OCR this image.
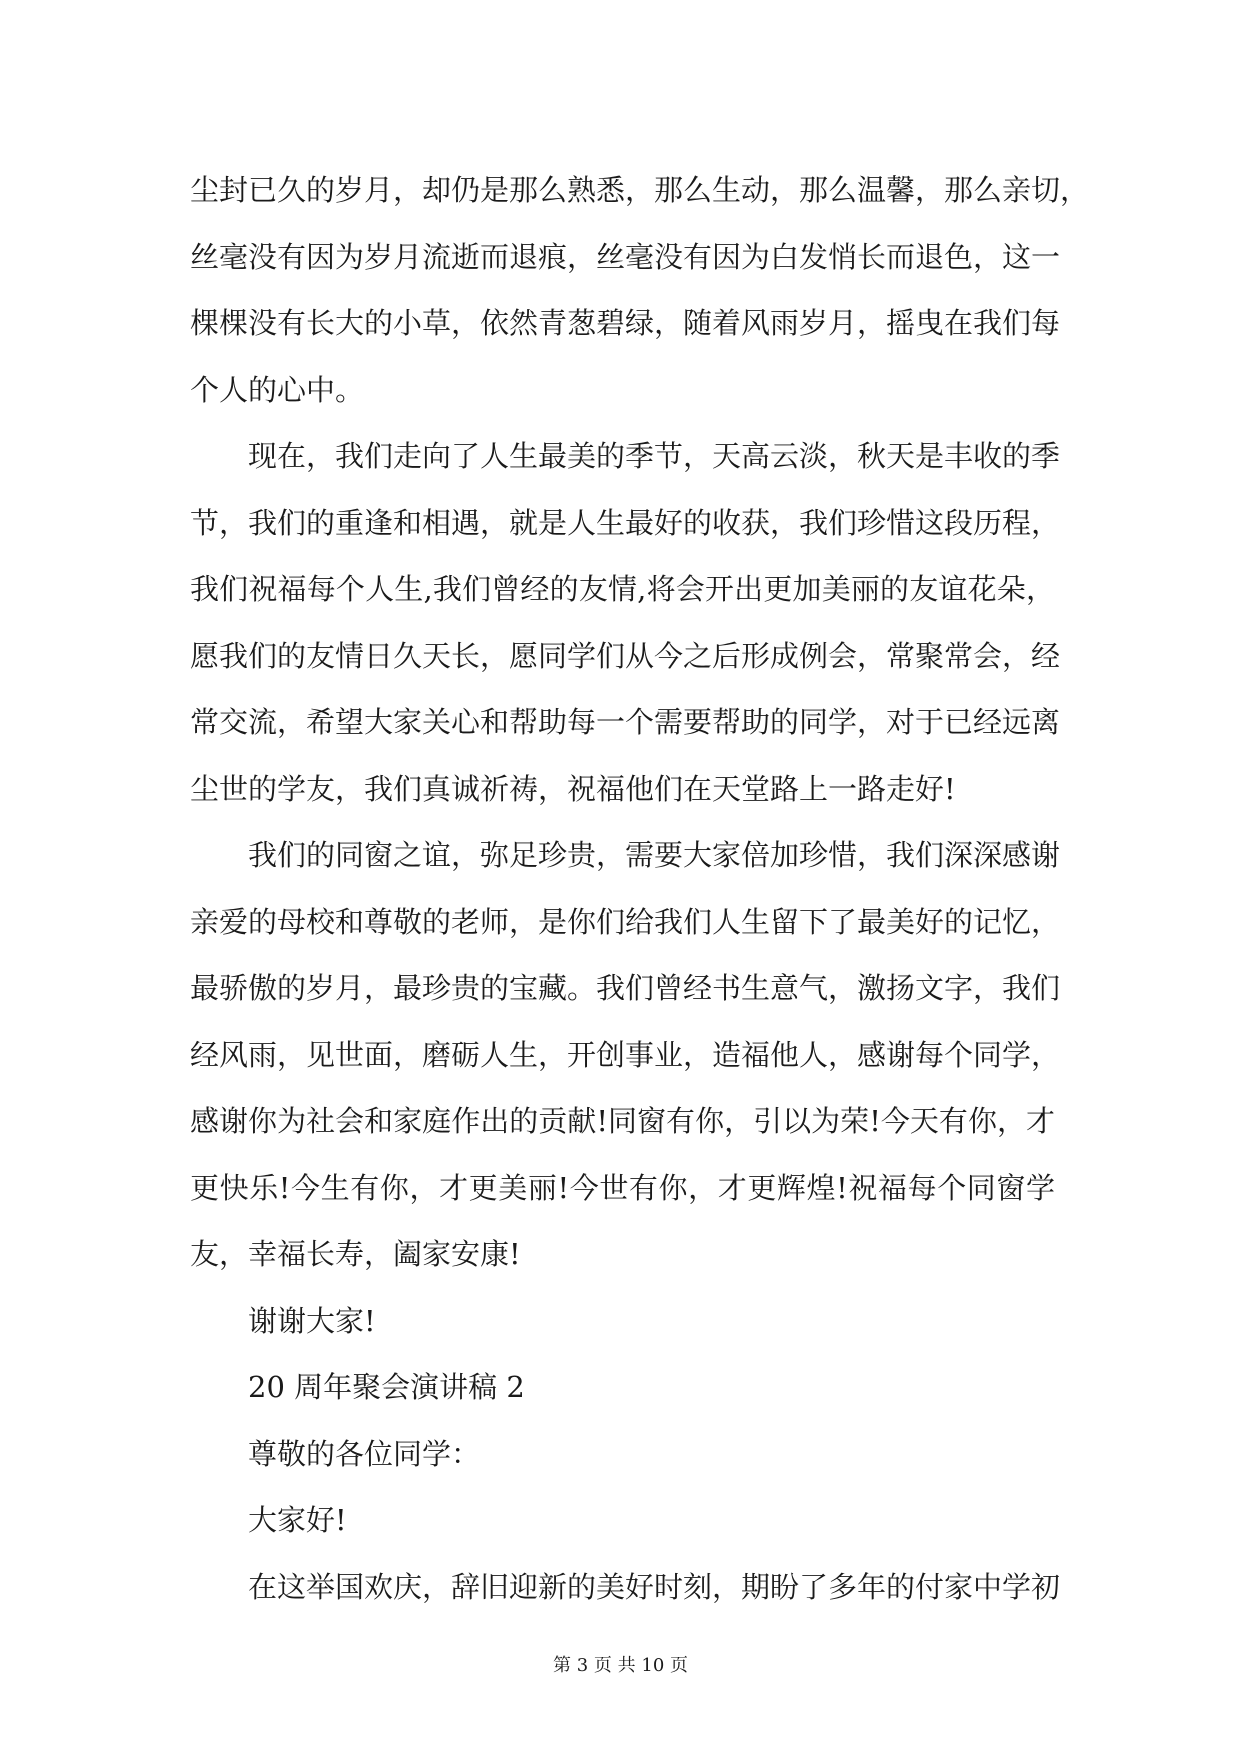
尘封已久的岁月，却仍是那么熟悉，那么生动，那么温馨，那么亲切，
丝毫没有因为岁月流逝而退痕，丝毫没有因为白发悄长而退色，这一
棵棵没有长大的小草，依然青葱碧绿，随着风雨岁月，摇曳在我们每
个人的心中。
现在，我们走向了人生最美的季节，天高云淡，秋天是丰收的季
节，我们的重逢和相遇，就是人生最好的收获，我们珍惜这段历程，
我们祝福每个人生,我们曾经的友情,将会开出更加美丽的友谊花朵，
愿我们的友情日久天长，愿同学们从今之后形成例会，常聚常会，经
常交流，希望大家关心和帮助每一个需要帮助的同学，对于已经远离
尘世的学友，我们真诚祈祷，祝福他们在天堂路上一路走好!
我们的同窗之谊，弥足珍贵，需要大家倍加珍惜，我们深深感谢
亲爱的母校和尊敬的老师，是你们给我们人生留下了最美好的记忆，
最骄傲的岁月，最珍贵的宝藏。我们曾经书生意气，激扬文字，我们
经风雨，见世面，磨砺人生，开创事业，造福他人，感谢每个同学，
感谢你为社会和家庭作出的贡献!同窗有你，引以为荣!今天有你，才
更快乐!今生有你，才更美丽!今世有你，才更辉煌!祝福每个同窗学
友，幸福长寿，阖家安康!
谢谢大家!
20 周年聚会演讲稿 2
尊敬的各位同学：
大家好!
在这举国欢庆，辞旧迎新的美好时刻，期盼了多年的付家中学初
第 3 页 共 10 页
